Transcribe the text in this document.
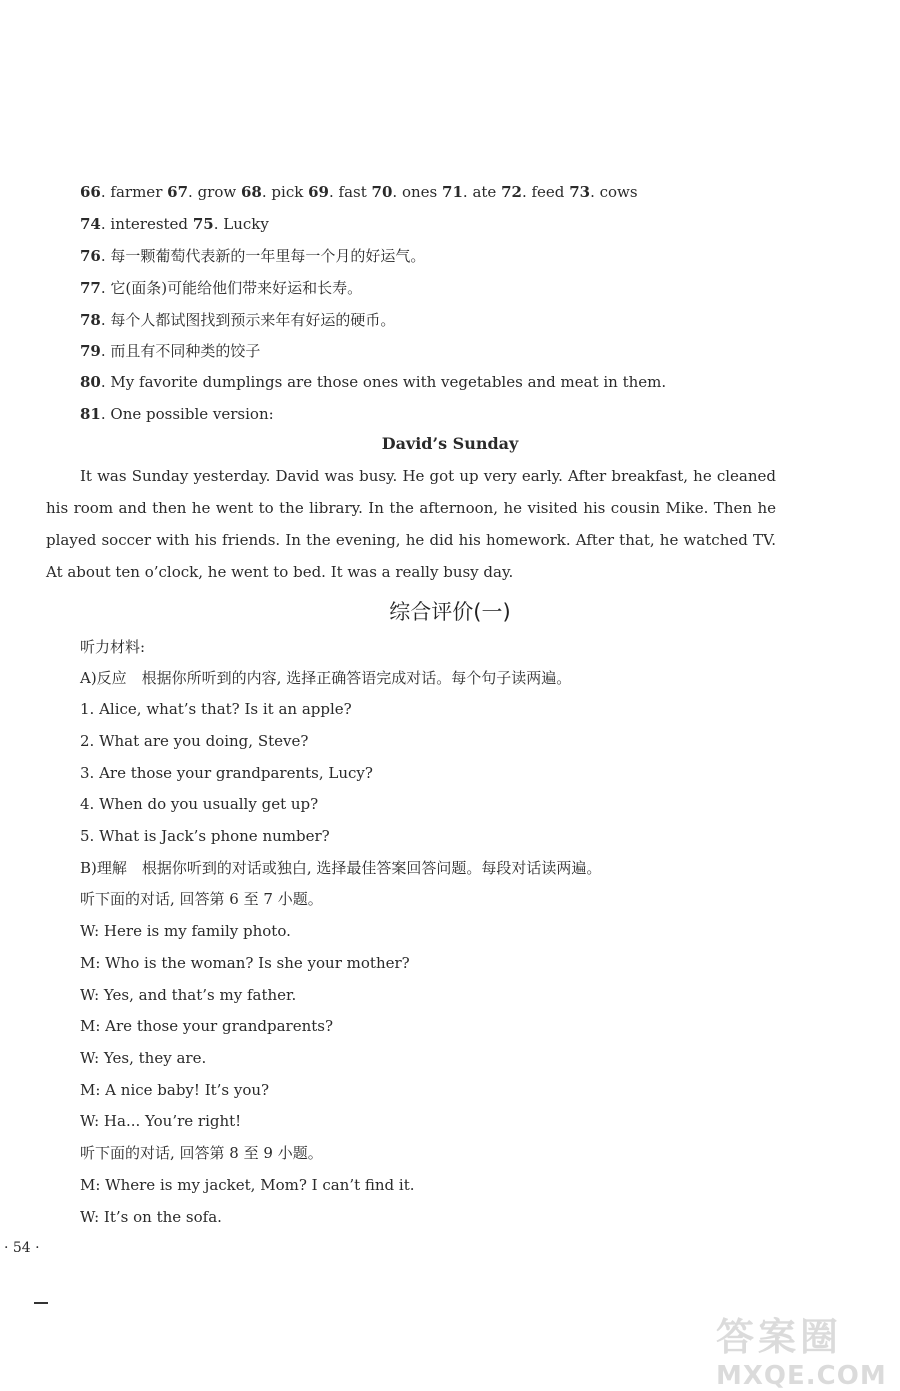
66. farmer 67. grow 68. pick 69. fast 70. ones 71. ate 72. feed 73. cows
74. interested 75. Lucky
76. 每一颗葡萄代表新的一年里每一个月的好运气。
77. 它(面条)可能给他们带来好运和长寿。
78. 每个人都试图找到预示来年有好运的硬币。
79. 而且有不同种类的饺子
80. My favorite dumplings are those ones with vegetables and meat in them.
81. One possible version:
David’s Sunday
It was Sunday yesterday. David was busy. He got up very early. After breakfast, he cleaned his room and then he went to the library. In the afternoon, he visited his cousin Mike. Then he played soccer with his friends. In the evening, he did his homework. After that, he watched TV. At about ten o’clock, he went to bed. It was a really busy day.
综合评价(一)
听力材料:
A)反应　根据你所听到的内容, 选择正确答语完成对话。每个句子读两遍。
1. Alice, what’s that? Is it an apple?
2. What are you doing, Steve?
3. Are those your grandparents, Lucy?
4. When do you usually get up?
5. What is Jack’s phone number?
B)理解　根据你听到的对话或独白, 选择最佳答案回答问题。每段对话读两遍。
听下面的对话, 回答第 6 至 7 小题。
W: Here is my family photo.
M: Who is the woman? Is she your mother?
W: Yes, and that’s my father.
M: Are those your grandparents?
W: Yes, they are.
M: A nice baby! It’s you?
W: Ha... You’re right!
听下面的对话, 回答第 8 至 9 小题。
M: Where is my jacket, Mom? I can’t find it.
W: It’s on the sofa.
· 54 ·
答案圈
MXQE.COM
